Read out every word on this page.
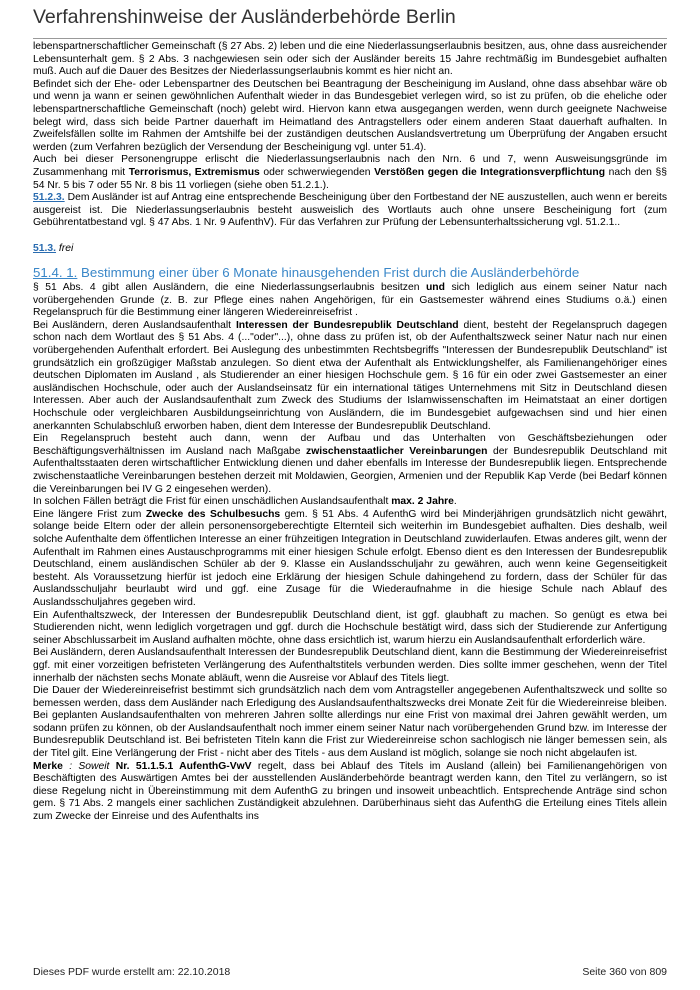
Verfahrenshinweise der Ausländerbehörde Berlin

lebenspartnerschaftlicher Gemeinschaft (§ 27 Abs. 2) leben und die eine Niederlassungserlaubnis besitzen, aus, ohne dass ausreichender Lebensunterhalt gem. § 2 Abs. 3 nachgewiesen sein oder sich der Ausländer bereits 15 Jahre rechtmäßig im Bundesgebiet aufhalten muß. Auch auf die Dauer des Besitzes der Niederlassungserlaubnis kommt es hier nicht an.

Befindet sich der Ehe- oder Lebenspartner des Deutschen bei Beantragung der Bescheinigung im Ausland, ohne dass absehbar wäre ob und wenn ja wann er seinen gewöhnlichen Aufenthalt wieder in das Bundesgebiet verlegen wird, so ist zu prüfen, ob die eheliche oder lebenspartnerschaftliche Gemeinschaft (noch) gelebt wird. Hiervon kann etwa ausgegangen werden, wenn durch geeignete Nachweise belegt wird, dass sich beide Partner dauerhaft im Heimatland des Antragstellers oder einem anderen Staat dauerhaft aufhalten. In Zweifelsfällen sollte im Rahmen der Amtshilfe bei der zuständigen deutschen Auslandsvertretung um Überprüfung der Angaben ersucht werden (zum Verfahren bezüglich der Versendung der Bescheinigung vgl. unter 51.4).

Auch bei dieser Personengruppe erlischt die Niederlassungserlaubnis nach den Nrn. 6 und 7, wenn Ausweisungsgründe im Zusammenhang mit Terrorismus, Extremismus oder schwerwiegenden Verstößen gegen die Integrationsverpflichtung nach den §§ 54 Nr. 5 bis 7 oder 55 Nr. 8 bis 11 vorliegen (siehe oben 51.2.1.).

51.2.3. Dem Ausländer ist auf Antrag eine entsprechende Bescheinigung über den Fortbestand der NE auszustellen, auch wenn er bereits ausgereist ist. Die Niederlassungserlaubnis besteht ausweislich des Wortlauts auch ohne unsere Bescheinigung fort (zum Gebührentatbestand vgl. § 47 Abs. 1 Nr. 9 AufenthV). Für das Verfahren zur Prüfung der Lebensunterhaltssicherung vgl. 51.2.1..

51.3. frei

51.4. 1. Bestimmung einer über 6 Monate hinausgehenden Frist durch die Ausländerbehörde

§ 51 Abs. 4 gibt allen Ausländern, die eine Niederlassungserlaubnis besitzen und sich lediglich aus einem seiner Natur nach vorübergehenden Grunde (z. B. zur Pflege eines nahen Angehörigen, für ein Gastsemester während eines Studiums o.ä.) einen Regelanspruch für die Bestimmung einer längeren Wiedereinreisefrist .

Bei Ausländern, deren Auslandsaufenthalt Interessen der Bundesrepublik Deutschland dient, besteht der Regelanspruch dagegen schon nach dem Wortlaut des § 51 Abs. 4 (..."oder"...), ohne dass zu prüfen ist, ob der Aufenthaltszweck seiner Natur nach nur einen vorübergehenden Aufenthalt erfordert. Bei Auslegung des unbestimmten Rechtsbegriffs "Interessen der Bundesrepublik Deutschland" ist grundsätzlich ein großzügiger Maßstab anzulegen. So dient etwa der Aufenthalt als Entwicklungshelfer, als Familienangehöriger eines deutschen Diplomaten im Ausland , als Studierender an einer hiesigen Hochschule gem. § 16 für ein oder zwei Gastsemester an einer ausländischen Hochschule, oder auch der Auslandseinsatz für ein international tätiges Unternehmens mit Sitz in Deutschland diesen Interessen. Aber auch der Auslandsaufenthalt zum Zweck des Studiums der Islamwissenschaften im Heimatstaat an einer dortigen Hochschule oder vergleichbaren Ausbildungseinrichtung von Ausländern, die im Bundesgebiet aufgewachsen sind und hier einen anerkannten Schulabschluß erworben haben, dient dem Interesse der Bundesrepublik Deutschland.

Ein Regelanspruch besteht auch dann, wenn der Aufbau und das Unterhalten von Geschäftsbeziehungen oder Beschäftigungsverhältnissen im Ausland nach Maßgabe zwischenstaatlicher Vereinbarungen der Bundesrepublik Deutschland mit Aufenthaltsstaaten deren wirtschaftlicher Entwicklung dienen und daher ebenfalls im Interesse der Bundesrepublik liegen. Entsprechende zwischenstaatliche Vereinbarungen bestehen derzeit mit Moldawien, Georgien, Armenien und der Republik Kap Verde (bei Bedarf können die Vereinbarungen bei IV G 2 eingesehen werden).

In solchen Fällen beträgt die Frist für einen unschädlichen Auslandsaufenthalt max. 2 Jahre.

Eine längere Frist zum Zwecke des Schulbesuchs gem. § 51 Abs. 4 AufenthG wird bei Minderjährigen grundsätzlich nicht gewährt, solange beide Eltern oder der allein personensorgeberechtigte Elternteil sich weiterhin im Bundesgebiet aufhalten. Dies deshalb, weil solche Aufenthalte dem öffentlichen Interesse an einer frühzeitigen Integration in Deutschland zuwiderlaufen. Etwas anderes gilt, wenn der Aufenthalt im Rahmen eines Austauschprogramms mit einer hiesigen Schule erfolgt. Ebenso dient es den Interessen der Bundesrepublik Deutschland, einem ausländischen Schüler ab der 9. Klasse ein Auslandsschuljahr zu gewähren, auch wenn keine Gegenseitigkeit besteht. Als Voraussetzung hierfür ist jedoch eine Erklärung der hiesigen Schule dahingehend zu fordern, dass der Schüler für das Auslandsschuljahr beurlaubt wird und ggf. eine Zusage für die Wiederaufnahme in die hiesige Schule nach Ablauf des Auslandsschuljahres gegeben wird.

Ein Aufenthaltszweck, der Interessen der Bundesrepublik Deutschland dient, ist ggf. glaubhaft zu machen. So genügt es etwa bei Studierenden nicht, wenn lediglich vorgetragen und ggf. durch die Hochschule bestätigt wird, dass sich der Studierende zur Anfertigung seiner Abschlussarbeit im Ausland aufhalten möchte, ohne dass ersichtlich ist, warum hierzu ein Auslandsaufenthalt erforderlich wäre.

Bei Ausländern, deren Auslandsaufenthalt Interessen der Bundesrepublik Deutschland dient, kann die Bestimmung der Wiedereinreisefrist ggf. mit einer vorzeitigen befristeten Verlängerung des Aufenthaltstitels verbunden werden. Dies sollte immer geschehen, wenn der Titel innerhalb der nächsten sechs Monate abläuft, wenn die Ausreise vor Ablauf des Titels liegt.

Die Dauer der Wiedereinreisefrist bestimmt sich grundsätzlich nach dem vom Antragsteller angegebenen Aufenthaltszweck und sollte so bemessen werden, dass dem Ausländer nach Erledigung des Auslandsaufenthaltszwecks drei Monate Zeit für die Wiedereinreise bleiben. Bei geplanten Auslandsaufenthalten von mehreren Jahren sollte allerdings nur eine Frist von maximal drei Jahren gewählt werden, um sodann prüfen zu können, ob der Auslandsaufenthalt noch immer einem seiner Natur nach vorübergehenden Grund bzw. im Interesse der Bundesrepublik Deutschland ist. Bei befristeten Titeln kann die Frist zur Wiedereinreise schon sachlogisch nie länger bemessen sein, als der Titel gilt. Eine Verlängerung der Frist - nicht aber des Titels - aus dem Ausland ist möglich, solange sie noch nicht abgelaufen ist.

Merke : Soweit Nr. 51.1.5.1 AufenthG-VwV regelt, dass bei Ablauf des Titels im Ausland (allein) bei Familienangehörigen von Beschäftigten des Auswärtigen Amtes bei der ausstellenden Ausländerbehörde beantragt werden kann, den Titel zu verlängern, so ist diese Regelung nicht in Übereinstimmung mit dem AufenthG zu bringen und insoweit unbeachtlich. Entsprechende Anträge sind schon gem. § 71 Abs. 2 mangels einer sachlichen Zuständigkeit abzulehnen. Darüberhinaus sieht das AufenthG die Erteilung eines Titels allein zum Zwecke der Einreise und des Aufenthalts ins

Dieses PDF wurde erstellt am: 22.10.2018	Seite 360 von 809
